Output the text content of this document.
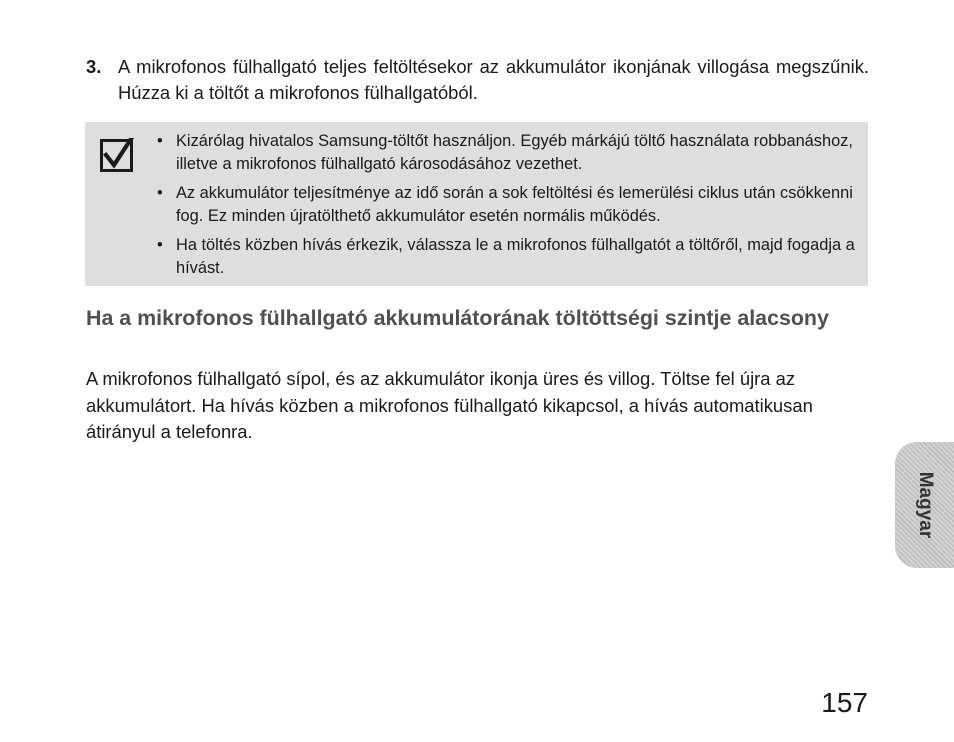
3. A mikrofonos fülhallgató teljes feltöltésekor az akkumulátor ikonjának villogása megszűnik. Húzza ki a töltőt a mikrofonos fülhallgatóból.
• Kizárólag hivatalos Samsung-töltőt használjon. Egyéb márkájú töltő használata robbanáshoz, illetve a mikrofonos fülhallgató károsodásához vezethet.
• Az akkumulátor teljesítménye az idő során a sok feltöltési és lemerülési ciklus után csökkenni fog. Ez minden újratölthető akkumulátor esetén normális működés.
• Ha töltés közben hívás érkezik, válassza le a mikrofonos fülhallgatót a töltőről, majd fogadja a hívást.
Ha a mikrofonos fülhallgató akkumulátorának töltöttségi szintje alacsony

A mikrofonos fülhallgató sípol, és az akkumulátor ikonja üres és villog. Töltse fel újra az akkumulátort. Ha hívás közben a mikrofonos fülhallgató kikapcsol, a hívás automatikusan átirányul a telefonra.

Magyar
157
